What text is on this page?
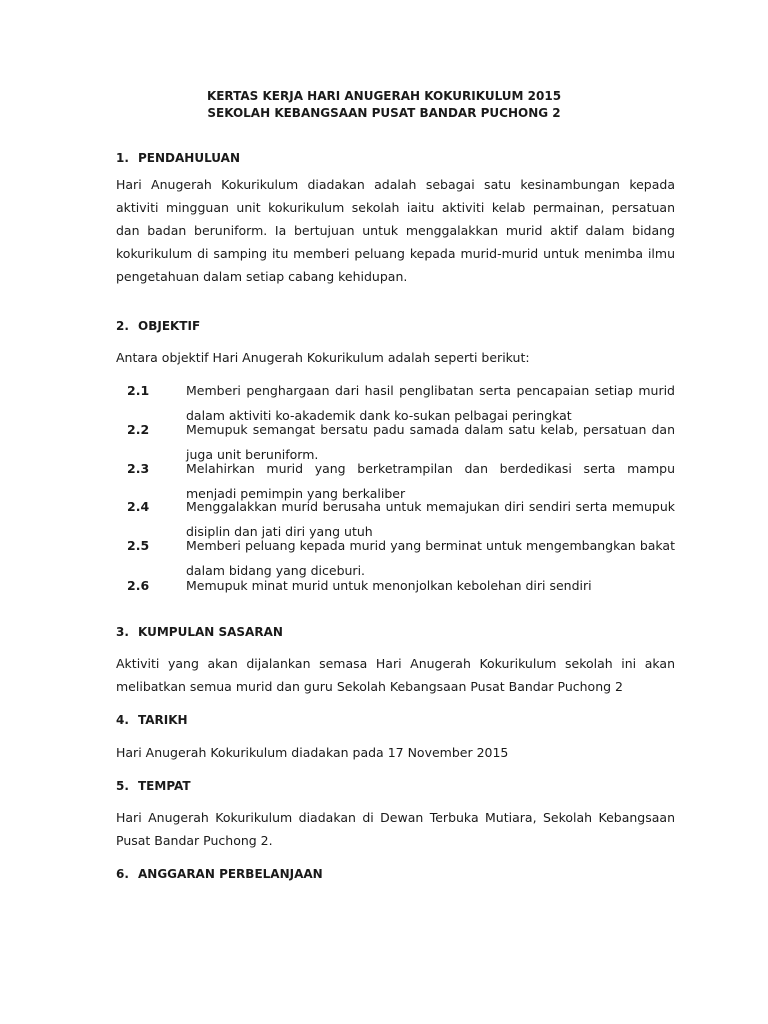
KERTAS KERJA HARI ANUGERAH KOKURIKULUM 2015
SEKOLAH KEBANGSAAN PUSAT BANDAR PUCHONG 2
1. PENDAHULUAN
Hari Anugerah Kokurikulum diadakan adalah sebagai satu kesinambungan kepada
aktiviti mingguan unit kokurikulum sekolah iaitu aktiviti kelab permainan, persatuan
dan badan beruniform. Ia bertujuan untuk menggalakkan murid aktif dalam bidang
kokurikulum di samping itu memberi peluang kepada murid-murid untuk menimba ilmu
pengetahuan dalam setiap cabang kehidupan.
2. OBJEKTIF
Antara objektif Hari Anugerah Kokurikulum adalah seperti berikut:
2.1	Memberi penghargaan dari hasil penglibatan serta pencapaian setiap murid
dalam aktiviti ko-akademik dank ko-sukan pelbagai peringkat
2.2	Memupuk semangat bersatu padu samada dalam satu kelab, persatuan dan
juga unit beruniform.
2.3	Melahirkan murid yang berketrampilan dan berdedikasi serta mampu
menjadi pemimpin yang berkaliber
2.4	Menggalakkan murid berusaha untuk memajukan diri sendiri serta memupuk
disiplin dan jati diri yang utuh
2.5	Memberi peluang kepada murid yang berminat untuk mengembangkan bakat
dalam bidang yang diceburi.
2.6	Memupuk minat murid untuk menonjolkan kebolehan diri sendiri
3. KUMPULAN SASARAN
Aktiviti yang akan dijalankan semasa Hari Anugerah Kokurikulum sekolah ini akan
melibatkan semua murid dan guru Sekolah Kebangsaan Pusat Bandar Puchong 2
4. TARIKH
Hari Anugerah Kokurikulum diadakan pada 17 November 2015
5. TEMPAT
Hari Anugerah Kokurikulum diadakan di Dewan Terbuka Mutiara, Sekolah Kebangsaan
Pusat Bandar Puchong 2.
6. ANGGARAN PERBELANJAAN
